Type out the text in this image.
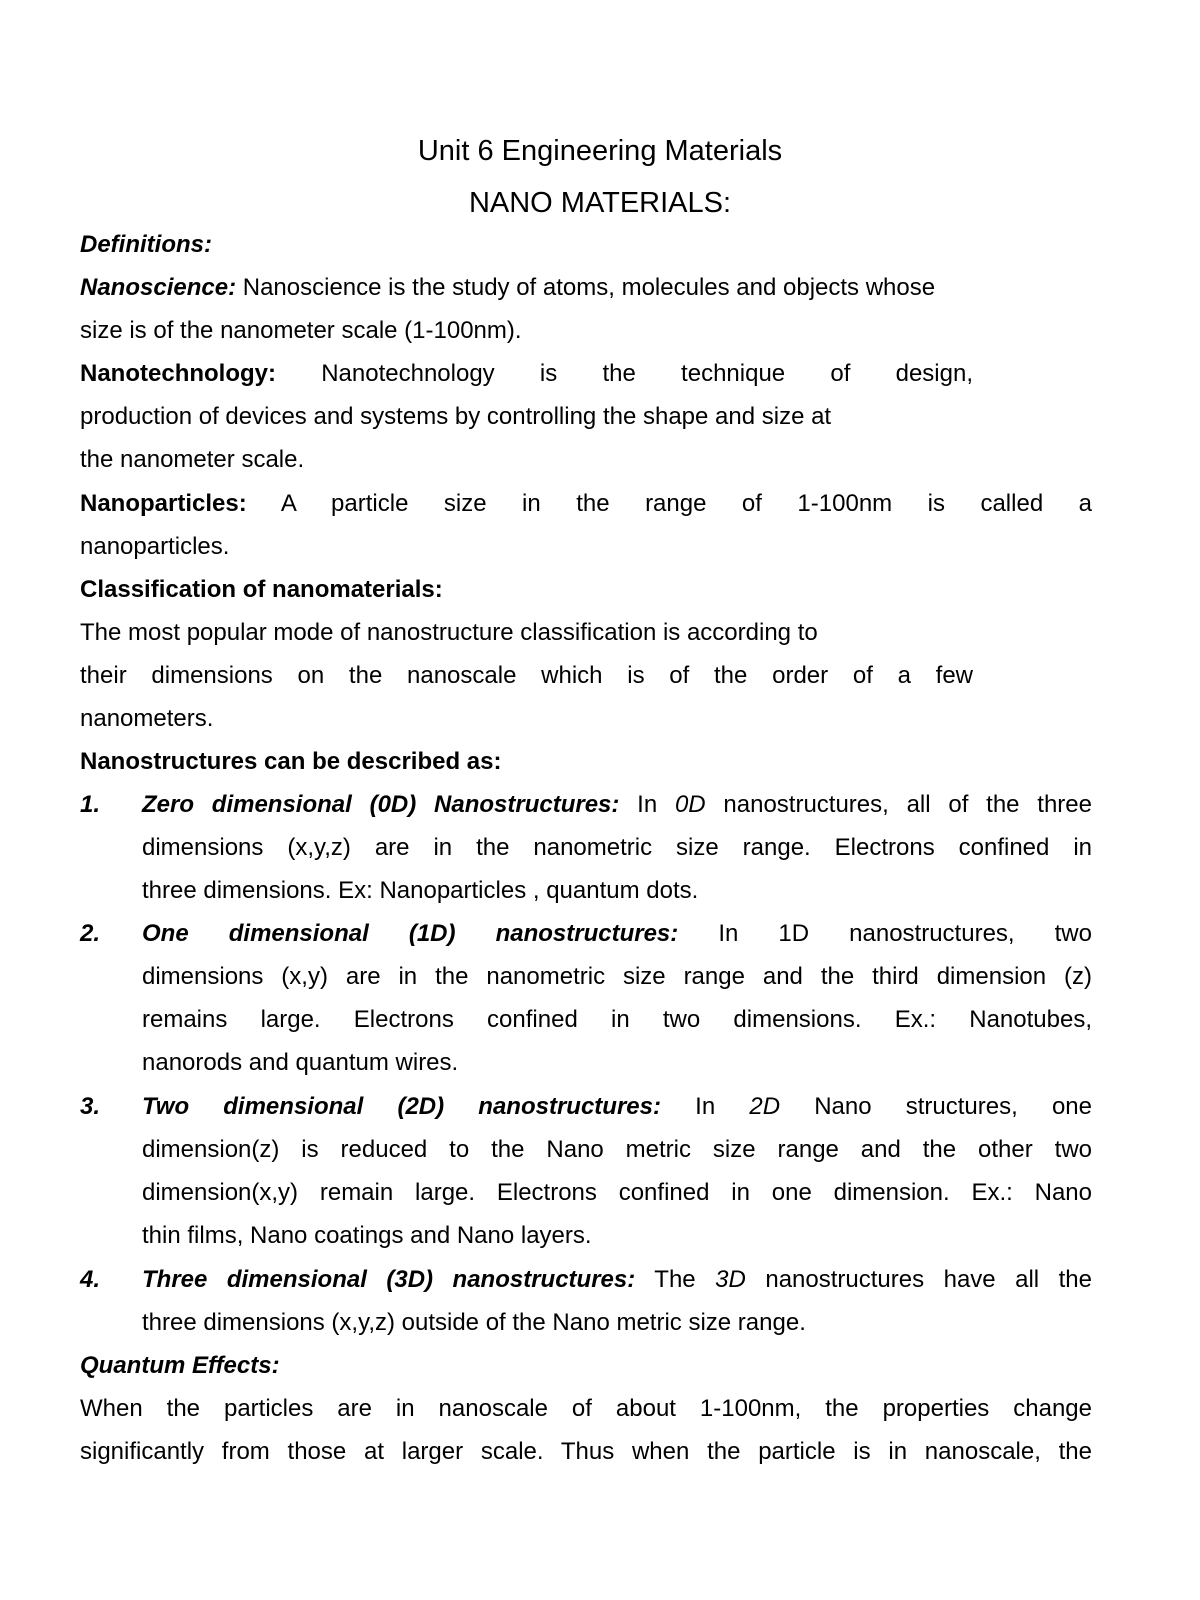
Unit 6 Engineering Materials
NANO MATERIALS:
Definitions:
Nanoscience: Nanoscience is the study of atoms, molecules and objects whose
size is of the nanometer scale (1-100nm).
Nanotechnology: Nanotechnology is the technique of design,
production of devices and systems by controlling the shape and size at
the nanometer scale.
Nanoparticles: A particle size in the range of 1-100nm is called a
nanoparticles.
Classification of nanomaterials:
The most popular mode of nanostructure classification is according to
their dimensions on the nanoscale which is of the order of a few
nanometers.
Nanostructures can be described as:
1. Zero dimensional (0D) Nanostructures: In 0D nanostructures, all of the three
dimensions (x,y,z) are in the nanometric size range. Electrons confined in
three dimensions. Ex: Nanoparticles , quantum dots.
2. One dimensional (1D) nanostructures: In 1D nanostructures, two
dimensions (x,y) are in the nanometric size range and the third dimension (z)
remains large. Electrons confined in two dimensions. Ex.: Nanotubes,
nanorods and quantum wires.
3. Two dimensional (2D) nanostructures: In 2D Nano structures, one
dimension(z) is reduced to the Nano metric size range and the other two
dimension(x,y) remain large. Electrons confined in one dimension. Ex.: Nano
thin films, Nano coatings and Nano layers.
4. Three dimensional (3D) nanostructures: The 3D nanostructures have all the
three dimensions (x,y,z) outside of the Nano metric size range.
Quantum Effects:
When the particles are in nanoscale of about 1-100nm, the properties change
significantly from those at larger scale. Thus when the particle is in nanoscale, the
